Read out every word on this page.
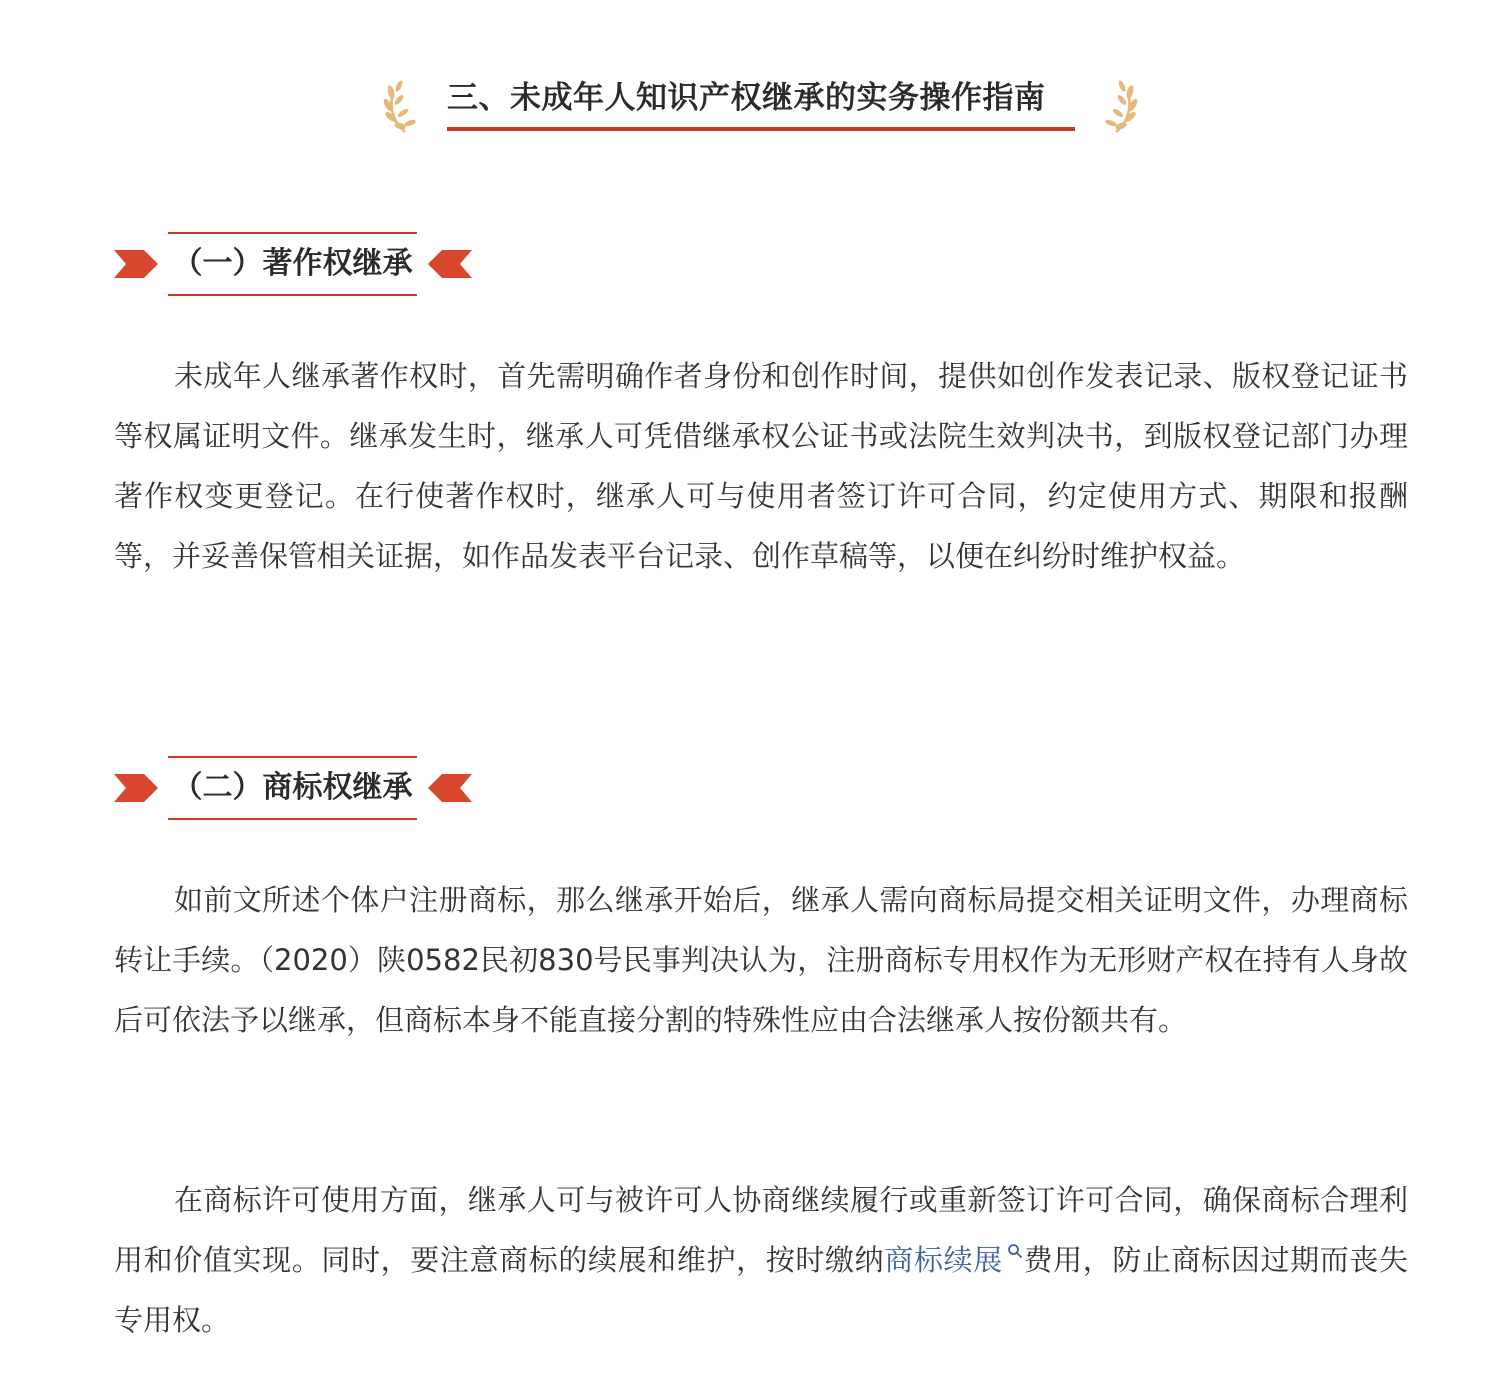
三、未成年人知识产权继承的实务操作指南
（一）著作权继承

未成年人继承著作权时，首先需明确作者身份和创作时间，提供如创作发表记录、版权登记证书等权属证明文件。继承发生时，继承人可凭借继承权公证书或法院生效判决书，到版权登记部门办理著作权变更登记。在行使著作权时，继承人可与使用者签订许可合同，约定使用方式、期限和报酬等，并妥善保管相关证据，如作品发表平台记录、创作草稿等，以便在纠纷时维护权益。

（二）商标权继承

如前文所述个体户注册商标，那么继承开始后，继承人需向商标局提交相关证明文件，办理商标转让手续。（2020）陕0582民初830号民事判决认为，注册商标专用权作为无形财产权在持有人身故后可依法予以继承，但商标本身不能直接分割的特殊性应由合法继承人按份额共有。

在商标许可使用方面，继承人可与被许可人协商继续履行或重新签订许可合同，确保商标合理利用和价值实现。同时，要注意商标的续展和维护，按时缴纳商标续展 费用，防止商标因过期而丧失专用权。
